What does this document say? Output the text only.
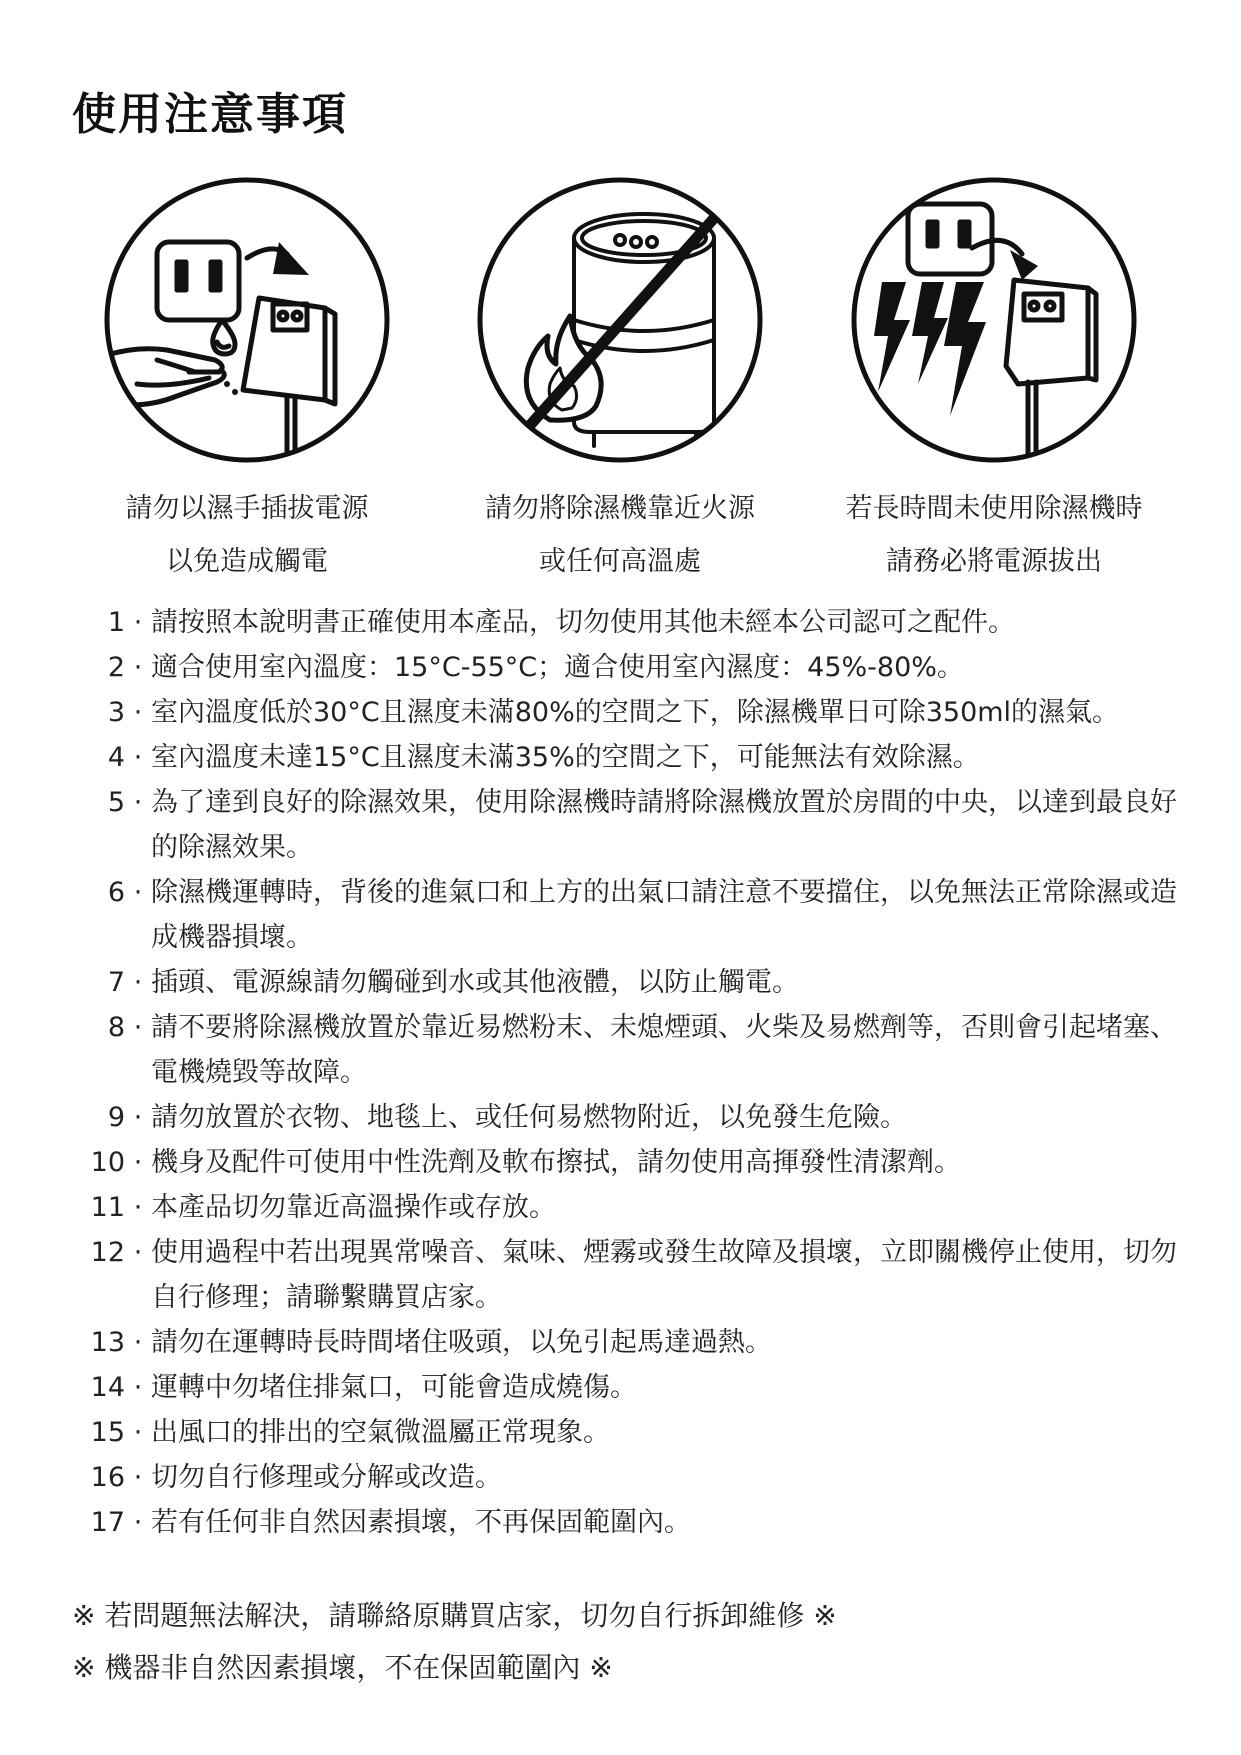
使用注意事項
請勿以濕手插拔電源
以免造成觸電
請勿將除濕機靠近火源
或任何高溫處
若長時間未使用除濕機時
請務必將電源拔出
1 · 請按照本說明書正確使用本產品，切勿使用其他未經本公司認可之配件。
2 · 適合使用室內溫度：15°C-55°C；適合使用室內濕度：45%-80%。
3 · 室內溫度低於30°C且濕度未滿80%的空間之下，除濕機單日可除350ml的濕氣。
4 · 室內溫度未達15°C且濕度未滿35%的空間之下，可能無法有效除濕。
5 · 為了達到良好的除濕效果，使用除濕機時請將除濕機放置於房間的中央，以達到最良好的除濕效果。
6 · 除濕機運轉時，背後的進氣口和上方的出氣口請注意不要擋住，以免無法正常除濕或造成機器損壞。
7 · 插頭、電源線請勿觸碰到水或其他液體，以防止觸電。
8 · 請不要將除濕機放置於靠近易燃粉末、未熄煙頭、火柴及易燃劑等，否則會引起堵塞、電機燒毀等故障。
9 · 請勿放置於衣物、地毯上、或任何易燃物附近，以免發生危險。
10 · 機身及配件可使用中性洗劑及軟布擦拭，請勿使用高揮發性清潔劑。
11 · 本產品切勿靠近高溫操作或存放。
12 · 使用過程中若出現異常噪音、氣味、煙霧或發生故障及損壞，立即關機停止使用，切勿自行修理；請聯繫購買店家。
13 · 請勿在運轉時長時間堵住吸頭，以免引起馬達過熱。
14 · 運轉中勿堵住排氣口，可能會造成燒傷。
15 · 出風口的排出的空氣微溫屬正常現象。
16 · 切勿自行修理或分解或改造。
17 · 若有任何非自然因素損壞，不再保固範圍內。
※ 若問題無法解決，請聯絡原購買店家，切勿自行拆卸維修 ※
※ 機器非自然因素損壞，不在保固範圍內 ※
